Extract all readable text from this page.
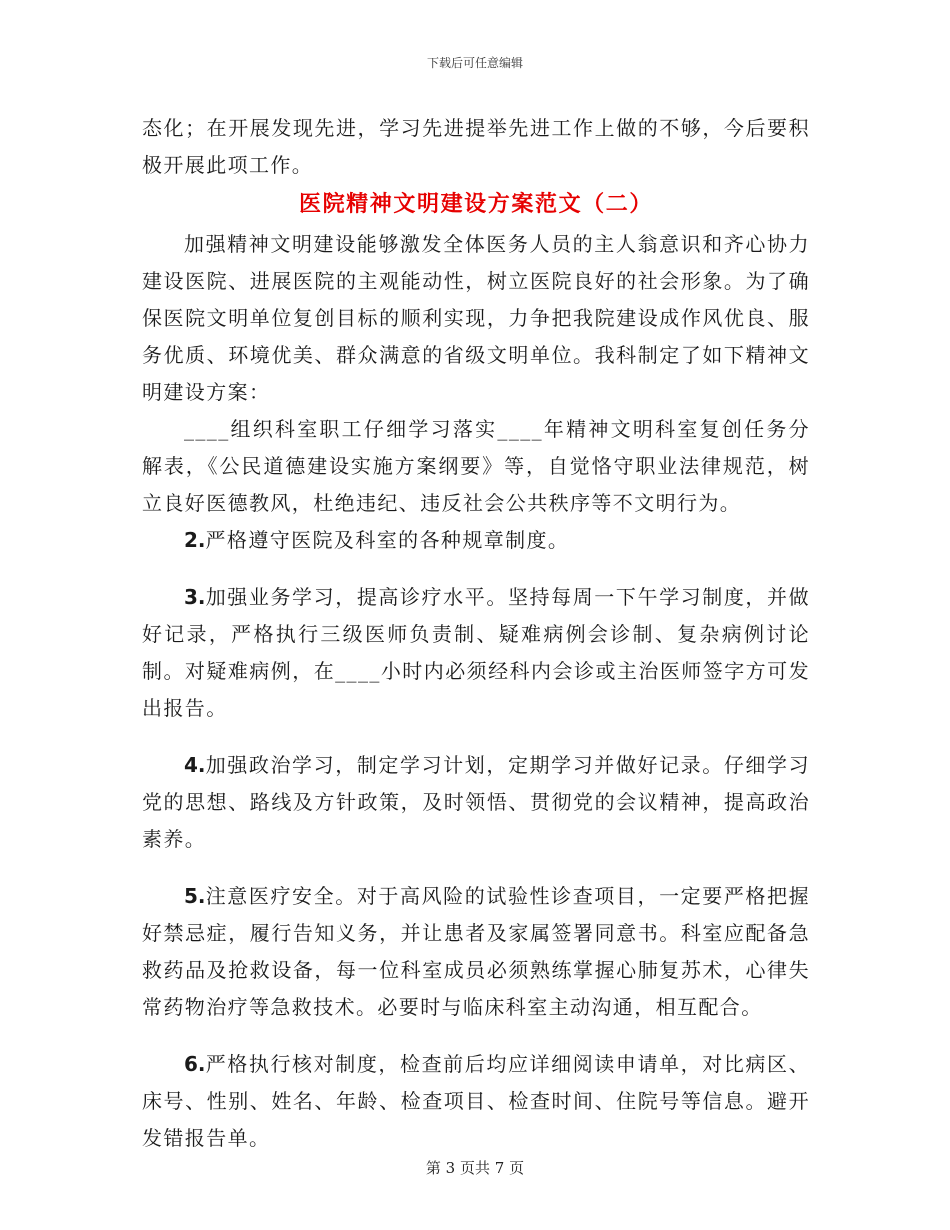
下载后可任意编辑

态化；在开展发现先进，学习先进提举先进工作上做的不够，今后要积极开展此项工作。

医院精神文明建设方案范文（二）

加强精神文明建设能够激发全体医务人员的主人翁意识和齐心协力建设医院、进展医院的主观能动性，树立医院良好的社会形象。为了确保医院文明单位复创目标的顺利实现，力争把我院建设成作风优良、服务优质、环境优美、群众满意的省级文明单位。我科制定了如下精神文明建设方案：

____组织科室职工仔细学习落实____年精神文明科室复创任务分解表，《公民道德建设实施方案纲要》等，自觉恪守职业法律规范，树立良好医德教风，杜绝违纪、违反社会公共秩序等不文明行为。

2.严格遵守医院及科室的各种规章制度。

3.加强业务学习，提高诊疗水平。坚持每周一下午学习制度，并做好记录，严格执行三级医师负责制、疑难病例会诊制、复杂病例讨论制。对疑难病例，在____小时内必须经科内会诊或主治医师签字方可发出报告。

4.加强政治学习，制定学习计划，定期学习并做好记录。仔细学习党的思想、路线及方针政策，及时领悟、贯彻党的会议精神，提高政治素养。

5.注意医疗安全。对于高风险的试验性诊查项目，一定要严格把握好禁忌症，履行告知义务，并让患者及家属签署同意书。科室应配备急救药品及抢救设备，每一位科室成员必须熟练掌握心肺复苏术，心律失常药物治疗等急救技术。必要时与临床科室主动沟通，相互配合。

6.严格执行核对制度，检查前后均应详细阅读申请单，对比病区、床号、性别、姓名、年龄、检查项目、检查时间、住院号等信息。避开发错报告单。

第 3 页共 7 页
